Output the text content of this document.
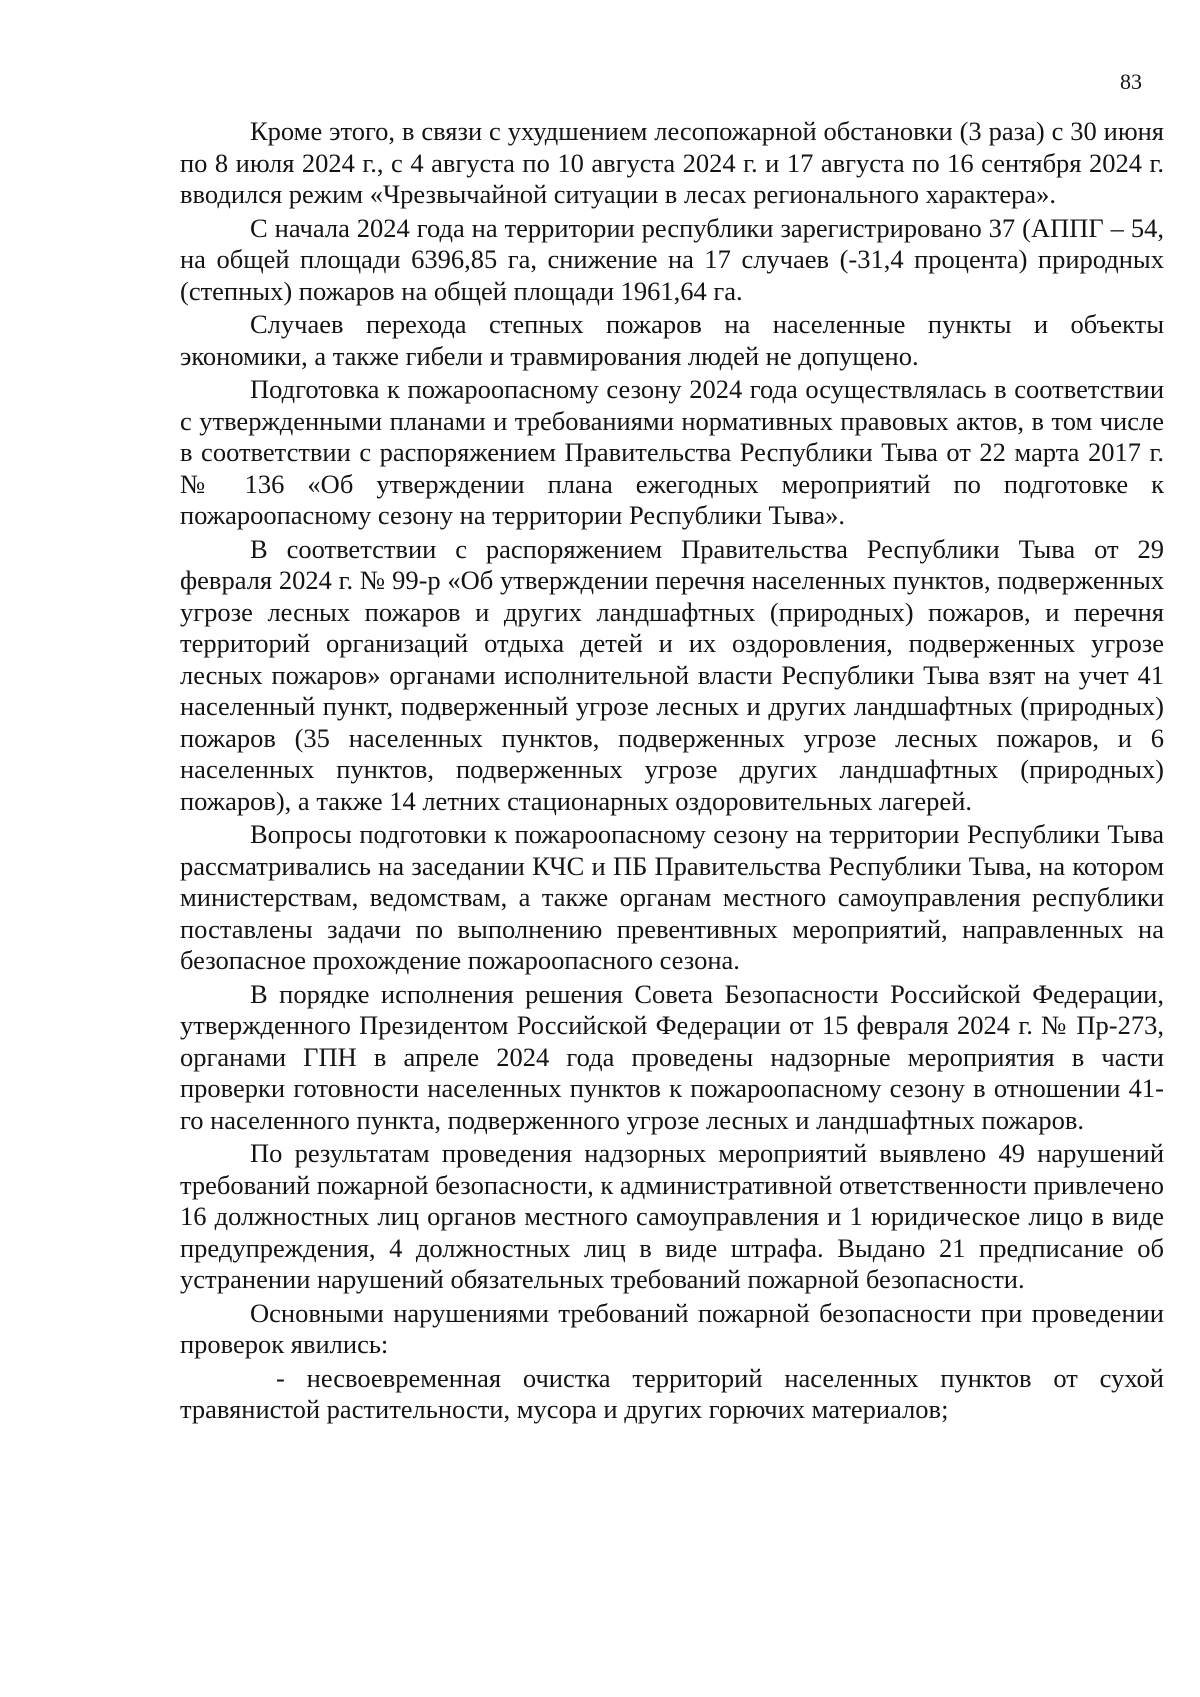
83

Кроме этого, в связи с ухудшением лесопожарной обстановки (3 раза) с 30 июня по 8 июля 2024 г., с 4 августа по 10 августа 2024 г. и 17 августа по 16 сентября 2024 г. вводился режим «Чрезвычайной ситуации в лесах регионального характера».

С начала 2024 года на территории республики зарегистрировано 37 (АППГ – 54, на общей площади 6396,85 га, снижение на 17 случаев (-31,4 процента) природных (степных) пожаров на общей площади 1961,64 га.

Случаев перехода степных пожаров на населенные пункты и объекты экономики, а также гибели и травмирования людей не допущено.

Подготовка к пожароопасному сезону 2024 года осуществлялась в соответствии с утвержденными планами и требованиями нормативных правовых актов, в том числе в соответствии с распоряжением Правительства Республики Тыва от 22 марта 2017 г. № 136 «Об утверждении плана ежегодных мероприятий по подготовке к пожароопасному сезону на территории Республики Тыва».

В соответствии с распоряжением Правительства Республики Тыва от 29 февраля 2024 г. № 99-р «Об утверждении перечня населенных пунктов, подверженных угрозе лесных пожаров и других ландшафтных (природных) пожаров, и перечня территорий организаций отдыха детей и их оздоровления, подверженных угрозе лесных пожаров» органами исполнительной власти Республики Тыва взят на учет 41 населенный пункт, подверженный угрозе лесных и других ландшафтных (природных) пожаров (35 населенных пунктов, подверженных угрозе лесных пожаров, и 6 населенных пунктов, подверженных угрозе других ландшафтных (природных) пожаров), а также 14 летних стационарных оздоровительных лагерей.

Вопросы подготовки к пожароопасному сезону на территории Республики Тыва рассматривались на заседании КЧС и ПБ Правительства Республики Тыва, на котором министерствам, ведомствам, а также органам местного самоуправления республики поставлены задачи по выполнению превентивных мероприятий, направленных на безопасное прохождение пожароопасного сезона.

В порядке исполнения решения Совета Безопасности Российской Федерации, утвержденного Президентом Российской Федерации от 15 февраля 2024 г. № Пр-273, органами ГПН в апреле 2024 года проведены надзорные мероприятия в части проверки готовности населенных пунктов к пожароопасному сезону в отношении 41-го населенного пункта, подверженного угрозе лесных и ландшафтных пожаров.

По результатам проведения надзорных мероприятий выявлено 49 нарушений требований пожарной безопасности, к административной ответственности привлечено 16 должностных лиц органов местного самоуправления и 1 юридическое лицо в виде предупреждения, 4 должностных лиц в виде штрафа. Выдано 21 предписание об устранении нарушений обязательных требований пожарной безопасности.

Основными нарушениями требований пожарной безопасности при проведении проверок явились:

- несвоевременная очистка территорий населенных пунктов от сухой травянистой растительности, мусора и других горючих материалов;
